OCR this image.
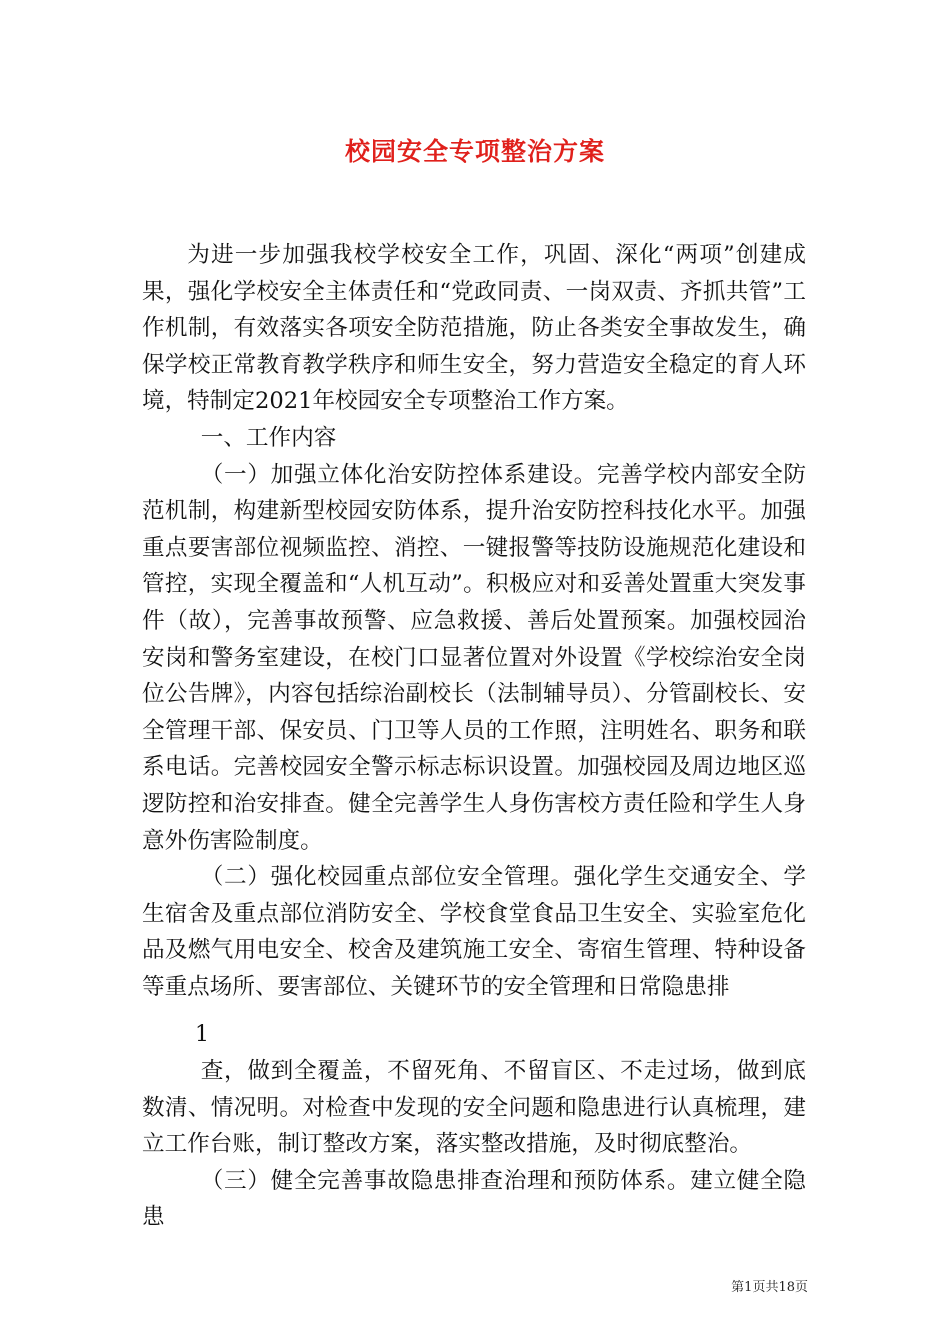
校园安全专项整治方案

为进一步加强我校学校安全工作，巩固、深化“两项”创建成果，强化学校安全主体责任和“党政同责、一岗双责、齐抓共管”工作机制，有效落实各项安全防范措施，防止各类安全事故发生，确保学校正常教育教学秩序和师生安全，努力营造安全稳定的育人环境，特制定2021年校园安全专项整治工作方案。

一、工作内容

（一）加强立体化治安防控体系建设。完善学校内部安全防范机制，构建新型校园安防体系，提升治安防控科技化水平。加强重点要害部位视频监控、消控、一键报警等技防设施规范化建设和管控，实现全覆盖和“人机互动”。积极应对和妥善处置重大突发事件（故），完善事故预警、应急救援、善后处置预案。加强校园治安岗和警务室建设，在校门口显著位置对外设置《学校综治安全岗位公告牌》，内容包括综治副校长（法制辅导员）、分管副校长、安全管理干部、保安员、门卫等人员的工作照，注明姓名、职务和联系电话。完善校园安全警示标志标识设置。加强校园及周边地区巡逻防控和治安排查。健全完善学生人身伤害校方责任险和学生人身意外伤害险制度。

（二）强化校园重点部位安全管理。强化学生交通安全、学生宿舍及重点部位消防安全、学校食堂食品卫生安全、实验室危化品及燃气用电安全、校舍及建筑施工安全、寄宿生管理、特种设备等重点场所、要害部位、关键环节的安全管理和日常隐患排

1

查，做到全覆盖，不留死角、不留盲区、不走过场，做到底数清、情况明。对检查中发现的安全问题和隐患进行认真梳理，建立工作台账，制订整改方案，落实整改措施，及时彻底整治。

（三）健全完善事故隐患排查治理和预防体系。建立健全隐患

第1页共18页
